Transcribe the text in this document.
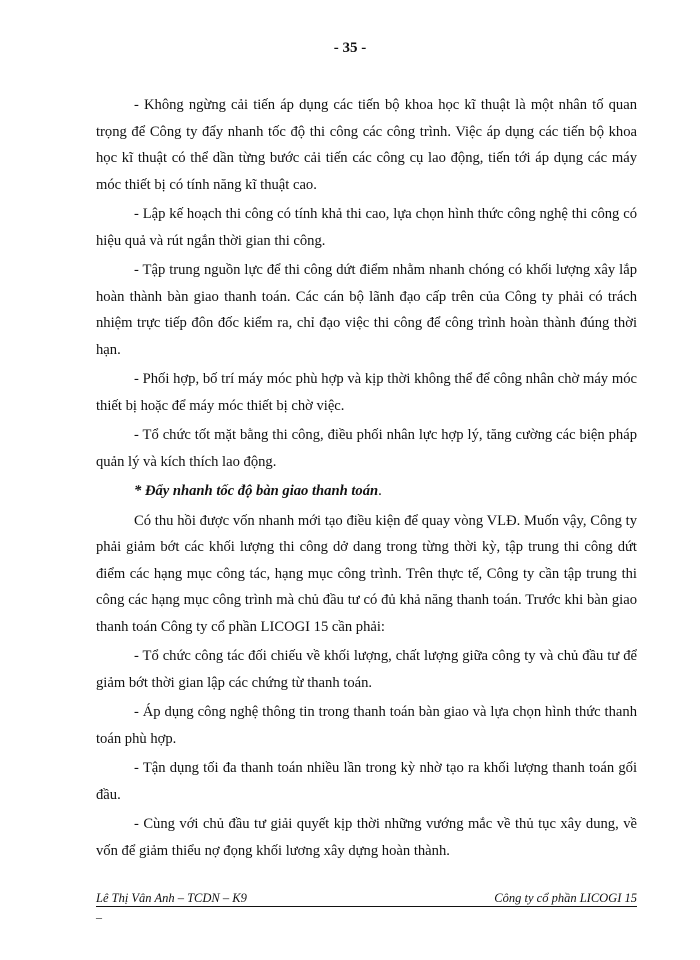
- 35 -

- Không ngừng cải tiến áp dụng các tiến bộ khoa học kĩ thuật là một nhân tố quan trọng để Công ty đẩy nhanh tốc độ thi công các công trình. Việc áp dụng các tiến bộ khoa học kĩ thuật có thể dần từng bước cải tiến các công cụ lao động, tiến tới áp dụng các máy móc thiết bị có tính năng kĩ thuật cao.

- Lập kế hoạch thi công có tính khả thi cao, lựa chọn hình thức công nghệ thi công có hiệu quả và rút ngắn thời gian thi công.

- Tập trung nguồn lực để thi công dứt điểm nhằm nhanh chóng có khối lượng xây lắp hoàn thành bàn giao thanh toán. Các cán bộ lãnh đạo cấp trên của Công ty phải có trách nhiệm trực tiếp đôn đốc kiểm ra, chỉ đạo việc thi công để công trình hoàn thành đúng thời hạn.

- Phối hợp, bố trí máy móc phù hợp và kịp thời không thể để công nhân chờ máy móc thiết bị hoặc để máy móc thiết bị chờ việc.

- Tổ chức tốt mặt bằng thi công, điều phối nhân lực hợp lý, tăng cường các biện pháp quản lý và kích thích lao động.

* Đẩy nhanh tốc độ bàn giao thanh toán.

Có thu hồi được vốn nhanh mới tạo điều kiện để quay vòng VLĐ. Muốn vậy, Công ty phải giảm bớt các khối lượng thi công dở dang trong từng thời kỳ, tập trung thi công dứt điểm các hạng mục công tác, hạng mục công trình. Trên thực tế, Công ty cần tập trung thi công các hạng mục công trình mà chủ đầu tư có đủ khả năng thanh toán. Trước khi bàn giao thanh toán Công ty cổ phần LICOGI 15 cần phải:

- Tổ chức công tác đối chiếu về khối lượng, chất lượng giữa công ty và chủ đầu tư để giảm bớt thời gian lập các chứng từ thanh toán.

- Áp dụng công nghệ thông tin trong thanh toán bàn giao và lựa chọn hình thức thanh toán phù hợp.

- Tận dụng tối đa thanh toán nhiều lần trong kỳ nhờ tạo ra khối lượng thanh toán gối đầu.

- Cùng với chủ đầu tư giải quyết kịp thời những vướng mắc về thủ tục xây dung, về vốn để giảm thiểu nợ đọng khối lương xây dựng hoàn thành.

Lê Thị Vân Anh – TCDN – K9	Công ty cổ phần LICOGI 15
–
